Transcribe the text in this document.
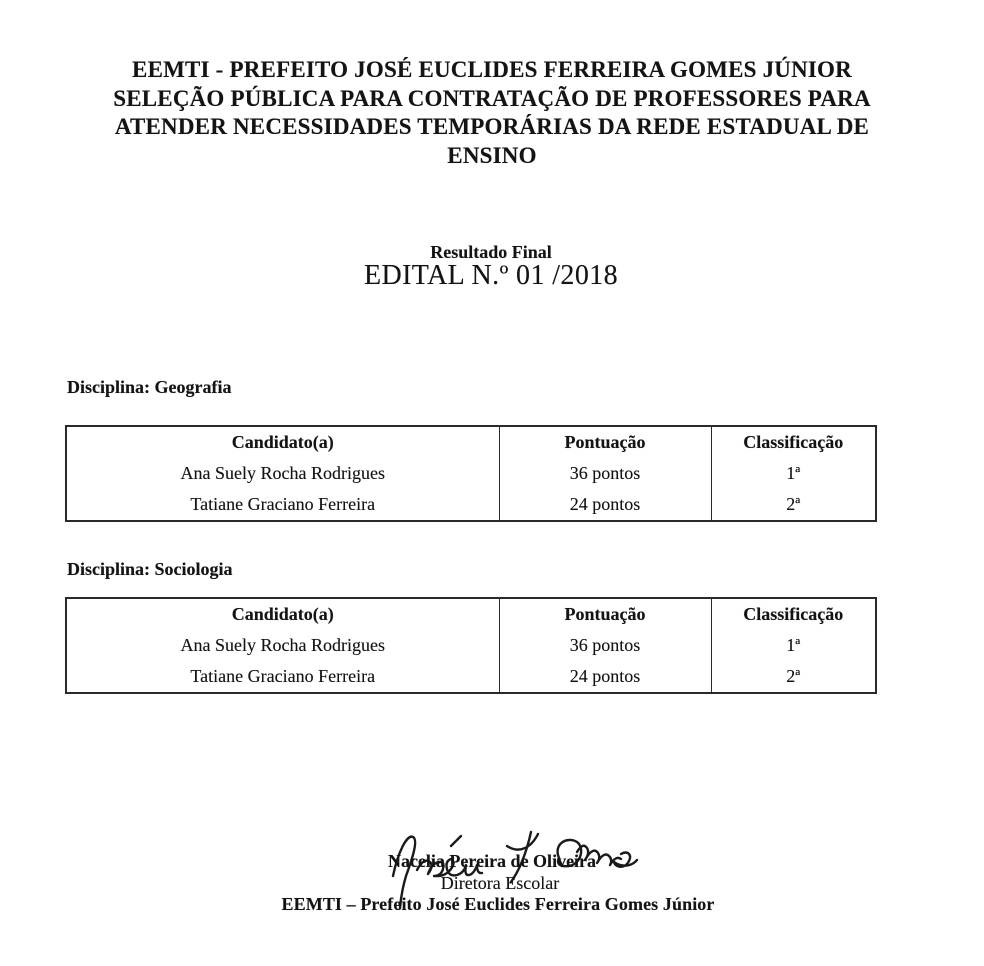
EEMTI - PREFEITO JOSÉ EUCLIDES FERREIRA GOMES JÚNIOR
SELEÇÃO PÚBLICA PARA CONTRATAÇÃO DE PROFESSORES PARA
ATENDER NECESSIDADES TEMPORÁRIAS DA REDE ESTADUAL DE
ENSINO
Resultado Final
EDITAL N.º 01 /2018
Disciplina: Geografia
Candidato(a)	Pontuação	Classificação
Ana Suely Rocha Rodrigues	36 pontos	1ª
Tatiane Graciano Ferreira	24 pontos	2ª
Disciplina: Sociologia
Candidato(a)	Pontuação	Classificação
Ana Suely Rocha Rodrigues	36 pontos	1ª
Tatiane Graciano Ferreira	24 pontos	2ª
Nacelia Pereira de Oliveira
Diretora Escolar
EEMTI – Prefeito José Euclides Ferreira Gomes Júnior
